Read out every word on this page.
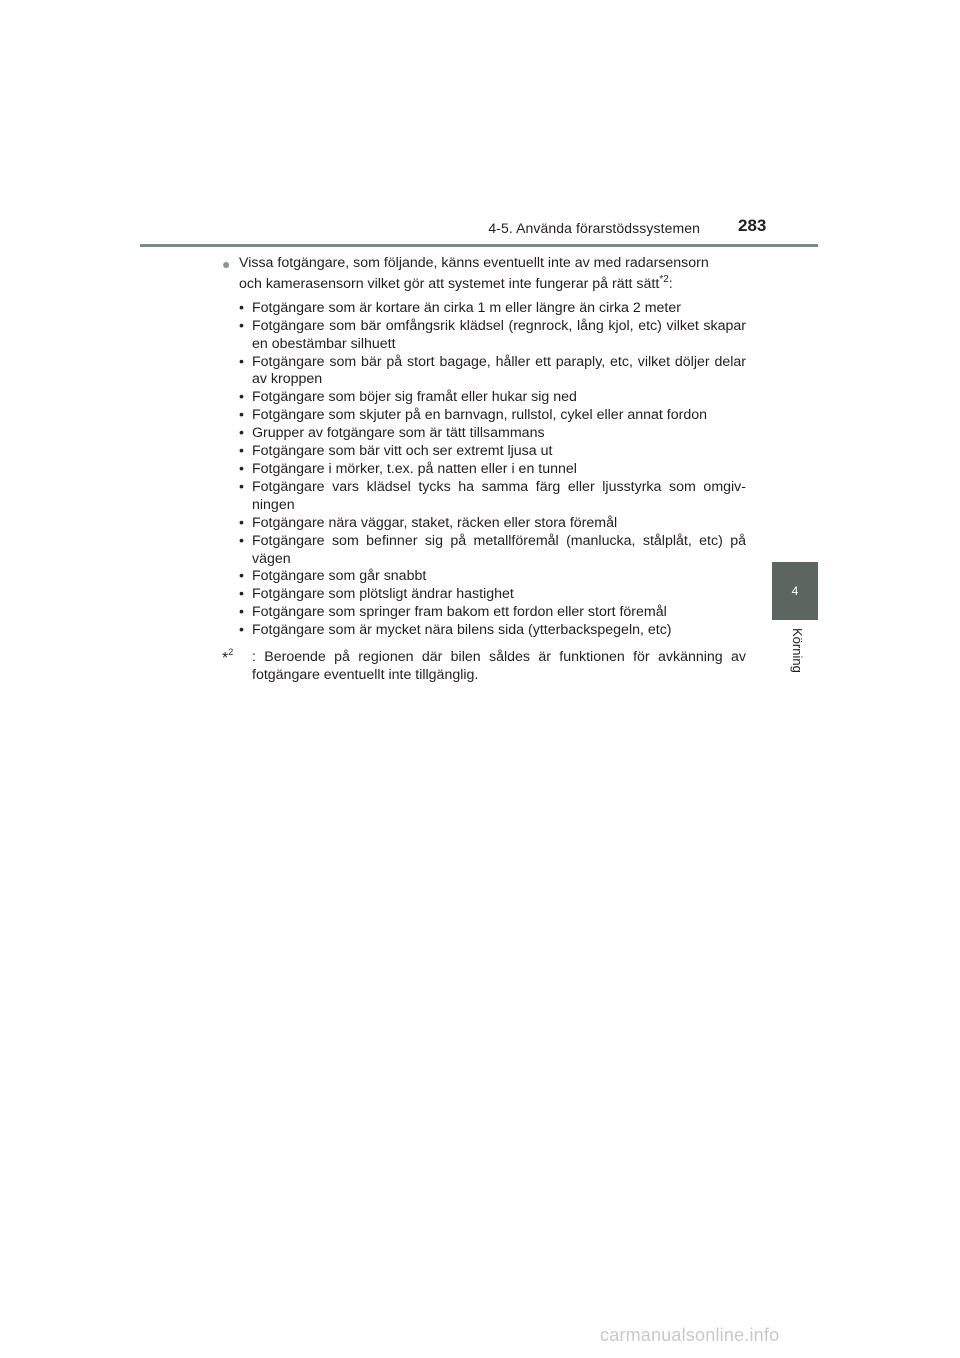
4-5. Använda förarstödssystemen 283
4
Körning
● Vissa fotgängare, som följande, känns eventuellt inte av med radarsensorn
och kamerasensorn vilket gör att systemet inte fungerar på rätt sätt$^{*2}$:
• Fotgängare som är kortare än cirka 1 m eller längre än cirka 2 meter
• Fotgängare som bär omfångsrik klädsel (regnrock, lång kjol, etc) vilket skapar en obestämbar silhuett
• Fotgängare som bär på stort bagage, håller ett paraply, etc, vilket döljer delar av kroppen
• Fotgängare som böjer sig framåt eller hukar sig ned
• Fotgängare som skjuter på en barnvagn, rullstol, cykel eller annat fordon
• Grupper av fotgängare som är tätt tillsammans
• Fotgängare som bär vitt och ser extremt ljusa ut
• Fotgängare i mörker, t.ex. på natten eller i en tunnel
• Fotgängare vars klädsel tycks ha samma färg eller ljusstyrka som omgiv-ningen
• Fotgängare nära väggar, staket, räcken eller stora föremål
• Fotgängare som befinner sig på metallföremål (manlucka, stålplåt, etc) på vägen
• Fotgängare som går snabbt
• Fotgängare som plötsligt ändrar hastighet
• Fotgängare som springer fram bakom ett fordon eller stort föremål
• Fotgängare som är mycket nära bilens sida (ytterbackspegeln, etc)
*$^2$ : Beroende på regionen där bilen såldes är funktionen för avkänning av fotgängare eventuellt inte tillgänglig.
carmanualsonline.info
